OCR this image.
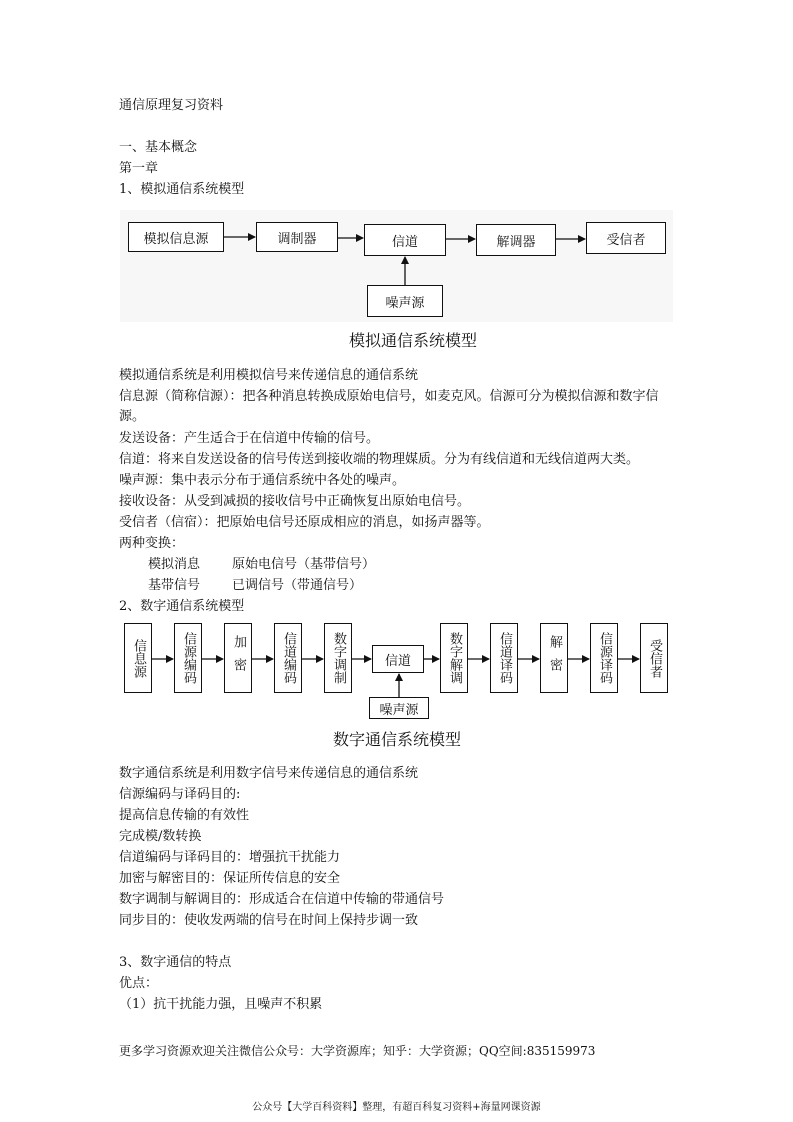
通信原理复习资料
一、基本概念
第一章
1、模拟通信系统模型
模拟信息源	调制器	信道	解调器	受信者
噪声源
模拟通信系统模型
模拟通信系统是利用模拟信号来传递信息的通信系统
信息源（简称信源）：把各种消息转换成原始电信号，如麦克风。信源可分为模拟信源和数字信源。
发送设备：产生适合于在信道中传输的信号。
信道：将来自发送设备的信号传送到接收端的物理媒质。分为有线信道和无线信道两大类。
噪声源：集中表示分布于通信系统中各处的噪声。
接收设备：从受到减损的接收信号中正确恢复出原始电信号。
受信者（信宿）：把原始电信号还原成相应的消息，如扬声器等。
两种变换：
模拟消息 原始电信号（基带信号）
基带信号 已调信号（带通信号）
2、数字通信系统模型
信息源	信源编码	加密	信道编码	数字调制	信道	数字解调	信道译码	解密	信源译码	受信者
噪声源
数字通信系统模型
数字通信系统是利用数字信号来传递信息的通信系统
信源编码与译码目的:
提高信息传输的有效性
完成模/数转换
信道编码与译码目的：增强抗干扰能力
加密与解密目的：保证所传信息的安全
数字调制与解调目的：形成适合在信道中传输的带通信号
同步目的：使收发两端的信号在时间上保持步调一致
3、数字通信的特点
优点：
（1）抗干扰能力强，且噪声不积累
更多学习资源欢迎关注微信公众号：大学资源库；知乎：大学资源；QQ空间:835159973
公众号【大学百科资料】整理，有超百科复习资料+海量网课资源
